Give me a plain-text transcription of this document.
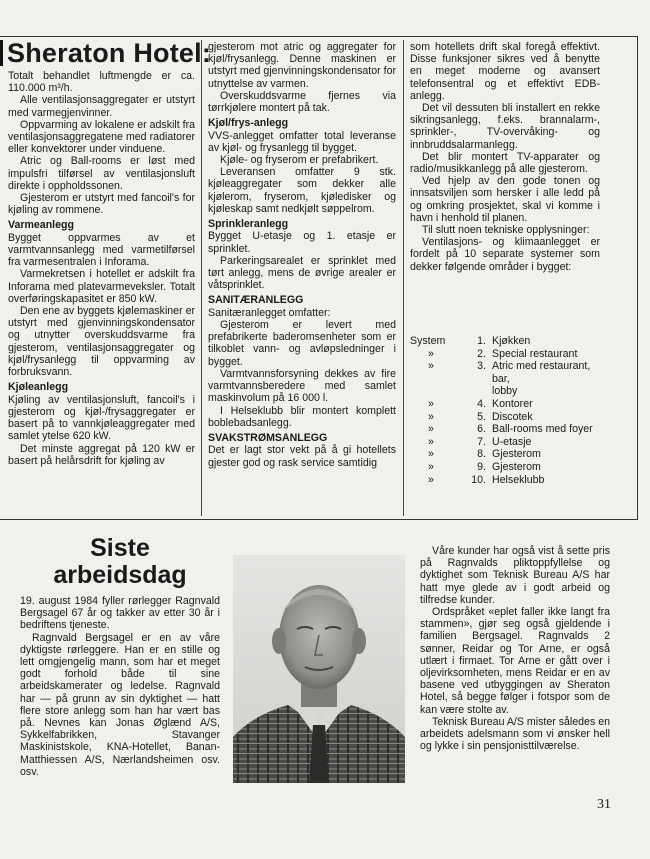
Sheraton Hotel:

Totalt behandlet luftmengde er ca. 110.000 m³/h.

Alle ventilasjonsaggregater er utstyrt med varmegjenvinner.

Oppvarming av lokalene er adskilt fra ventilasjonsaggregatene med radiatorer eller konvektorer under vinduene.

Atric og Ball-rooms er løst med impulsfri tilførsel av ventilasjonsluft direkte i oppholdssonen.

Gjesterom er utstyrt med fancoil's for kjøling av rommene.

Varmeanlegg

Bygget oppvarmes av et varmtvannsanlegg med varmetilførsel fra varmesentralen i Inforama.

Varmekretsen i hotellet er adskilt fra Inforama med platevarmeveksler. Totalt overføringskapasitet er 850 kW.

Den ene av byggets kjølemaskiner er utstyrt med gjenvinningskondensator og utnytter overskuddsvarme fra gjesterom, ventilasjonsaggregater og kjøl/frysanlegg til oppvarming av forbruksvann.

Kjøleanlegg

Kjøling av ventilasjonsluft, fancoil's i gjesterom og kjøl-/frysaggregater er basert på to vannkjøleaggregater med samlet ytelse 620 kW.

Det minste aggregat på 120 kW er basert på helårsdrift for kjøling av

gjesterom mot atric og aggregater for kjøl/frysanlegg. Denne maskinen er utstyrt med gjenvinningskondensator for utnyttelse av varmen.

Overskuddsvarme fjernes via tørrkjølere montert på tak.

Kjøl/frys-anlegg

VVS-anlegget omfatter total leveranse av kjøl- og frysanlegg til bygget.

Kjøle- og fryserom er prefabrikert.

Leveransen omfatter 9 stk. kjøleaggregater som dekker alle kjølerom, fryserom, kjøledisker og kjøleskap samt nedkjølt søppelrom.

Sprinkleranlegg

Bygget U-etasje og 1. etasje er sprinklet.

Parkeringsarealet er sprinklet med tørt anlegg, mens de øvrige arealer er våtsprinklet.

SANITÆRANLEGG

Sanitæranlegget omfatter:

Gjesterom er levert med prefabrikerte baderomsenheter som er tilkoblet vann- og avløpsledninger i bygget.

Varmtvannsforsyning dekkes av fire varmtvannsberedere med samlet maskinvolum på 16 000 l.

I Helseklubb blir montert komplett boblebadsanlegg.

SVAKSTRØMSANLEGG

Det er lagt stor vekt på å gi hotellets gjester god og rask service samtidig

som hotellets drift skal foregå effektivt. Disse funksjoner sikres ved å benytte en meget moderne og avansert telefonsentral og et effektivt EDB-anlegg.

Det vil dessuten bli installert en rekke sikringsanlegg, f.eks. brannalarm-, sprinkler-, TV-overvåking- og innbruddsalarmanlegg.

Det blir montert TV-apparater og radio/musikkanlegg på alle gjesterom.

Ved hjelp av den gode tonen og innsatsviljen som hersker i alle ledd på og omkring prosjektet, skal vi komme i havn i henhold til planen.

Til slutt noen tekniske opplysninger:

Ventilasjons- og klimaanlegget er fordelt på 10 separate systemer som dekker følgende områder i bygget:

System	1. Kjøkken
»	2. Special restaurant
»	3. Atric med restaurant, bar,
lobby
»	4. Kontorer
»	5. Discotek
»	6. Ball-rooms med foyer
»	7. U-etasje
»	8. Gjesterom
»	9. Gjesterom
»	10. Helseklubb
Siste
arbeidsdag

19. august 1984 fyller rørlegger Ragnvald Bergsagel 67 år og takker av etter 30 år i bedriftens tjeneste.

Ragnvald Bergsagel er en av våre dyktigste rørleggere. Han er en stille og lett omgjengelig mann, som har et meget godt forhold både til sine arbeidskamerater og ledelse. Ragnvald har — på grunn av sin dyktighet — hatt flere store anlegg som han har vært bas på. Nevnes kan Jonas Øglænd A/S, Sykkelfabrikken, Stavanger Maskinistskole, KNA-Hotellet, Banan-Matthiessen A/S, Nærlandsheimen osv. osv.

Våre kunder har også vist å sette pris på Ragnvalds pliktoppfyllelse og dyktighet som Teknisk Bureau A/S har hatt mye glede av i godt arbeid og tilfredse kunder.

Ordspråket «eplet faller ikke langt fra stammen», gjør seg også gjeldende i familien Bergsagel. Ragnvalds 2 sønner, Reidar og Tor Arne, er også utlært i firmaet. Tor Arne er gått over i oljevirksomheten, mens Reidar er en av basene ved utbyggingen av Sheraton Hotel, så begge følger i fotspor som de kan være stolte av.

Teknisk Bureau A/S mister således en arbeidets adelsmann som vi ønsker hell og lykke i sin pensjonisttilværelse.

31
